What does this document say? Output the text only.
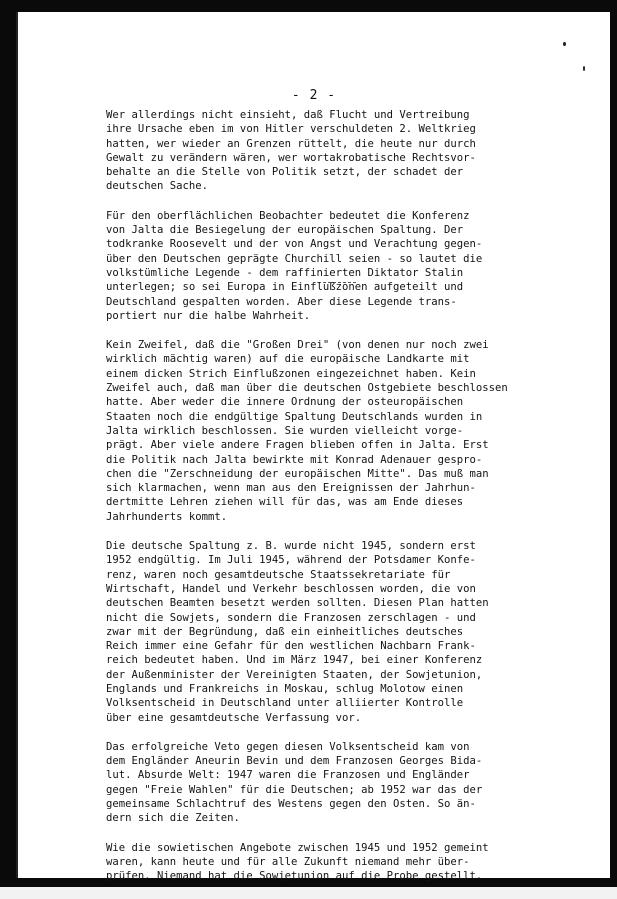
- 2 -

Wer allerdings nicht einsieht, daß Flucht und Vertreibung
ihre Ursache eben im von Hitler verschuldeten 2. Weltkrieg
hatten, wer wieder an Grenzen rüttelt, die heute nur durch
Gewalt zu verändern wären, wer wortakrobatische Rechtsvor-
behalte an die Stelle von Politik setzt, der schadet der
deutschen Sache.

Für den oberflächlichen Beobachter bedeutet die Konferenz
von Jalta die Besiegelung der europäischen Spaltung. Der
todkranke Roosevelt und der von Angst und Verachtung gegen-
über den Deutschen geprägte Churchill seien - so lautet die
volkstümliche Legende - dem raffinierten Diktator Stalin
unterlegen; so sei Europa in Einflußzonen aufgeteilt und
Deutschland gespalten worden. Aber diese Legende trans-
portiert nur die halbe Wahrheit.

Kein Zweifel, daß die "Großen Drei" (von denen nur noch zwei
wirklich mächtig waren) auf die europäische Landkarte mit
einem dicken Strich Einflußzonen eingezeichnet haben. Kein
Zweifel auch, daß man über die deutschen Ostgebiete beschlossen
hatte. Aber weder die innere Ordnung der osteuropäischen
Staaten noch die endgültige Spaltung Deutschlands wurden in
Jalta wirklich beschlossen. Sie wurden vielleicht vorge-
prägt. Aber viele andere Fragen blieben offen in Jalta. Erst
die Politik nach Jalta bewirkte mit Konrad Adenauer gespro-
chen die "Zerschneidung der europäischen Mitte". Das muß man
sich klarmachen, wenn man aus den Ereignissen der Jahrhun-
dertmitte Lehren ziehen will für das, was am Ende dieses
Jahrhunderts kommt.

Die deutsche Spaltung z. B. wurde nicht 1945, sondern erst
1952 endgültig. Im Juli 1945, während der Potsdamer Konfe-
renz, waren noch gesamtdeutsche Staatssekretariate für
Wirtschaft, Handel und Verkehr beschlossen worden, die von
deutschen Beamten besetzt werden sollten. Diesen Plan hatten
nicht die Sowjets, sondern die Franzosen zerschlagen - und
zwar mit der Begründung, daß ein einheitliches deutsches
Reich immer eine Gefahr für den westlichen Nachbarn Frank-
reich bedeutet haben. Und im März 1947, bei einer Konferenz
der Außenminister der Vereinigten Staaten, der Sowjetunion,
Englands und Frankreichs in Moskau, schlug Molotow einen
Volksentscheid in Deutschland unter alliierter Kontrolle
über eine gesamtdeutsche Verfassung vor.

Das erfolgreiche Veto gegen diesen Volksentscheid kam von
dem Engländer Aneurin Bevin und dem Franzosen Georges Bida-
lut. Absurde Welt: 1947 waren die Franzosen und Engländer
gegen "Freie Wahlen" für die Deutschen; ab 1952 war das der
gemeinsame Schlachtruf des Westens gegen den Osten. So än-
dern sich die Zeiten.

Wie die sowietischen Angebote zwischen 1945 und 1952 gemeint
waren, kann heute und für alle Zukunft niemand mehr über-
prüfen. Niemand hat die Sowjetunion auf die Probe gestellt.
